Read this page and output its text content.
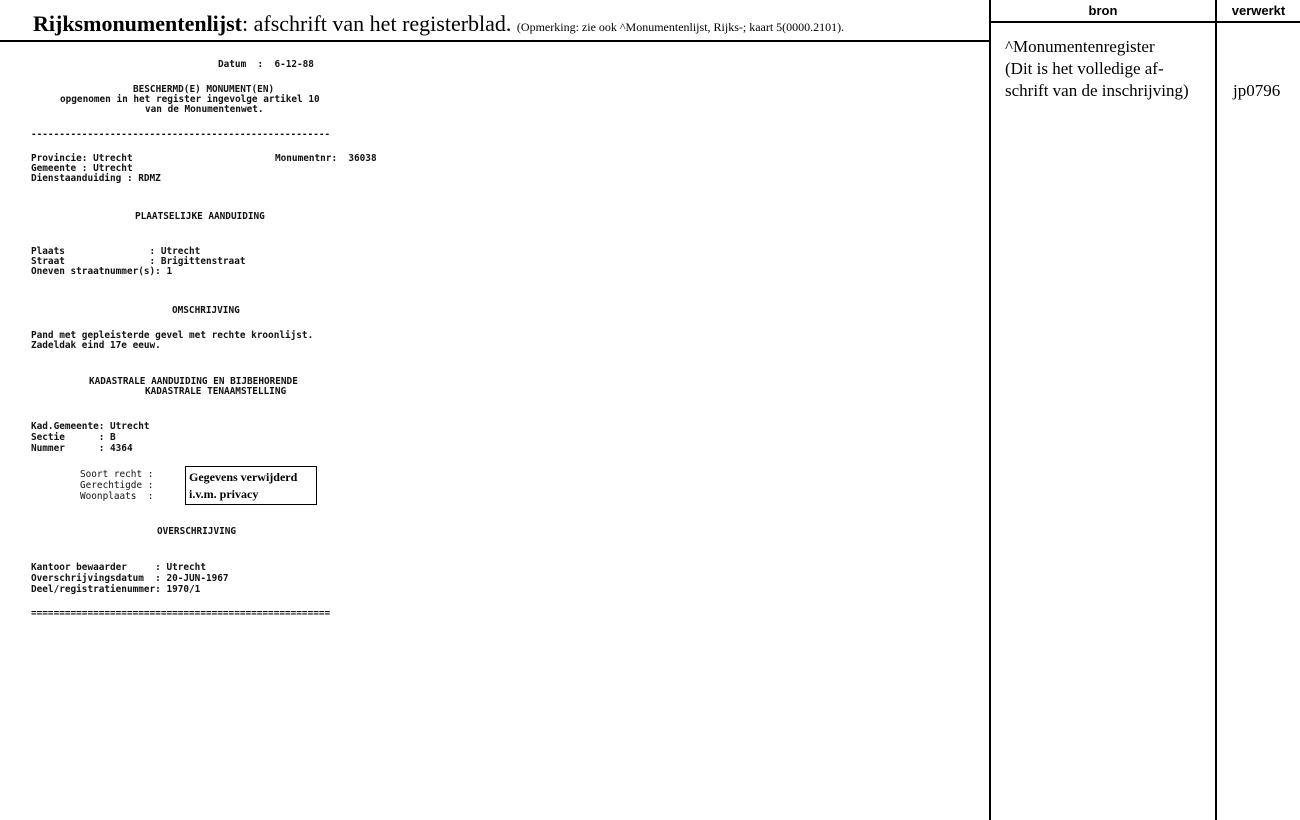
Rijksmonumentenlijst: afschrift van het registerblad. (Opmerking: zie ook ^Monumentenlijst, Rijks-; kaart 5(0000.2101).
bron	verwerkt
^Monumentenregister
(Dit is het volledige af-
schrift van de inschrijving)	jp0796
Datum  :  6-12-88
BESCHERMD(E) MONUMENT(EN)
opgenomen in het register ingevolge artikel 10
van de Monumentenwet.
-----------------------------------------------------
Provincie: Utrecht	Monumentnr:  36038
Gemeente : Utrecht
Dienstaanduiding : RDMZ
PLAATSELIJKE AANDUIDING
Plaats               : Utrecht
Straat               : Brigittenstraat
Oneven straatnummer(s): 1
OMSCHRIJVING
Pand met gepleisterde gevel met rechte kroonlijst.
Zadeldak eind 17e eeuw.
KADASTRALE AANDUIDING EN BIJBEHORENDE
KADASTRALE TENAAMSTELLING
Kad.Gemeente: Utrecht
Sectie      : B
Nummer      : 4364
Soort recht :
Gerechtigde :
Woonplaats  :
Gegevens verwijderd
i.v.m. privacy
OVERSCHRIJVING
Kantoor bewaarder     : Utrecht
Overschrijvingsdatum  : 20-JUN-1967
Deel/registratienummer: 1970/1
=====================================================
